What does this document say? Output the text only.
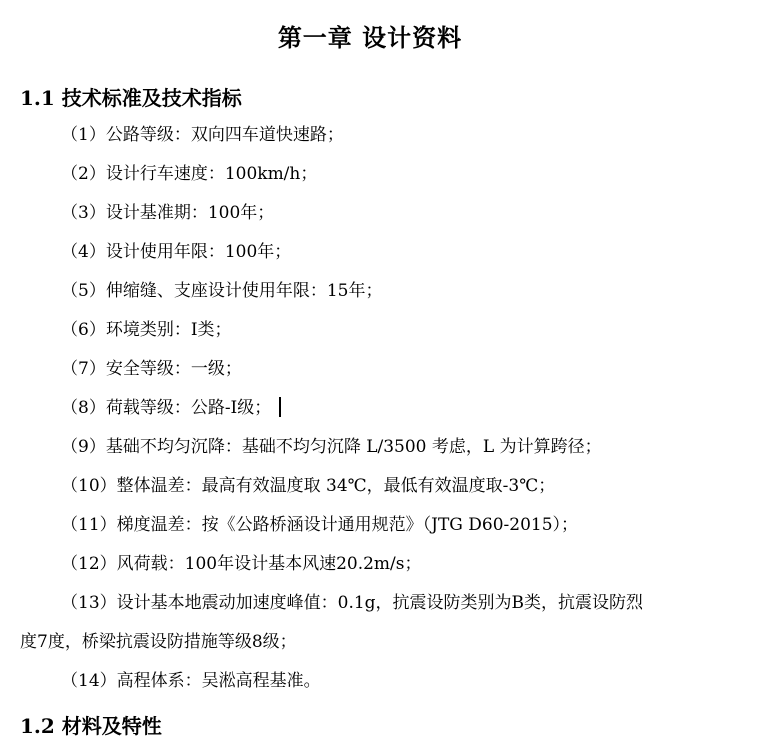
第一章 设计资料
1.1 技术标准及技术指标
（1）公路等级：双向四车道快速路；
（2）设计行车速度：100km/h；
（3）设计基准期：100年；
（4）设计使用年限：100年；
（5）伸缩缝、支座设计使用年限：15年；
（6）环境类别：I类；
（7）安全等级：一级；
（8）荷载等级：公路-I级；
（9）基础不均匀沉降：基础不均匀沉降 L/3500 考虑，L 为计算跨径；
（10）整体温差：最高有效温度取 34℃，最低有效温度取-3℃；
（11）梯度温差：按《公路桥涵设计通用规范》（JTG D60-2015）；
（12）风荷载：100年设计基本风速20.2m/s；
（13）设计基本地震动加速度峰值：0.1g，抗震设防类别为B类，抗震设防烈
度7度，桥梁抗震设防措施等级8级；
（14）高程体系：吴淞高程基准。
1.2 材料及特性
